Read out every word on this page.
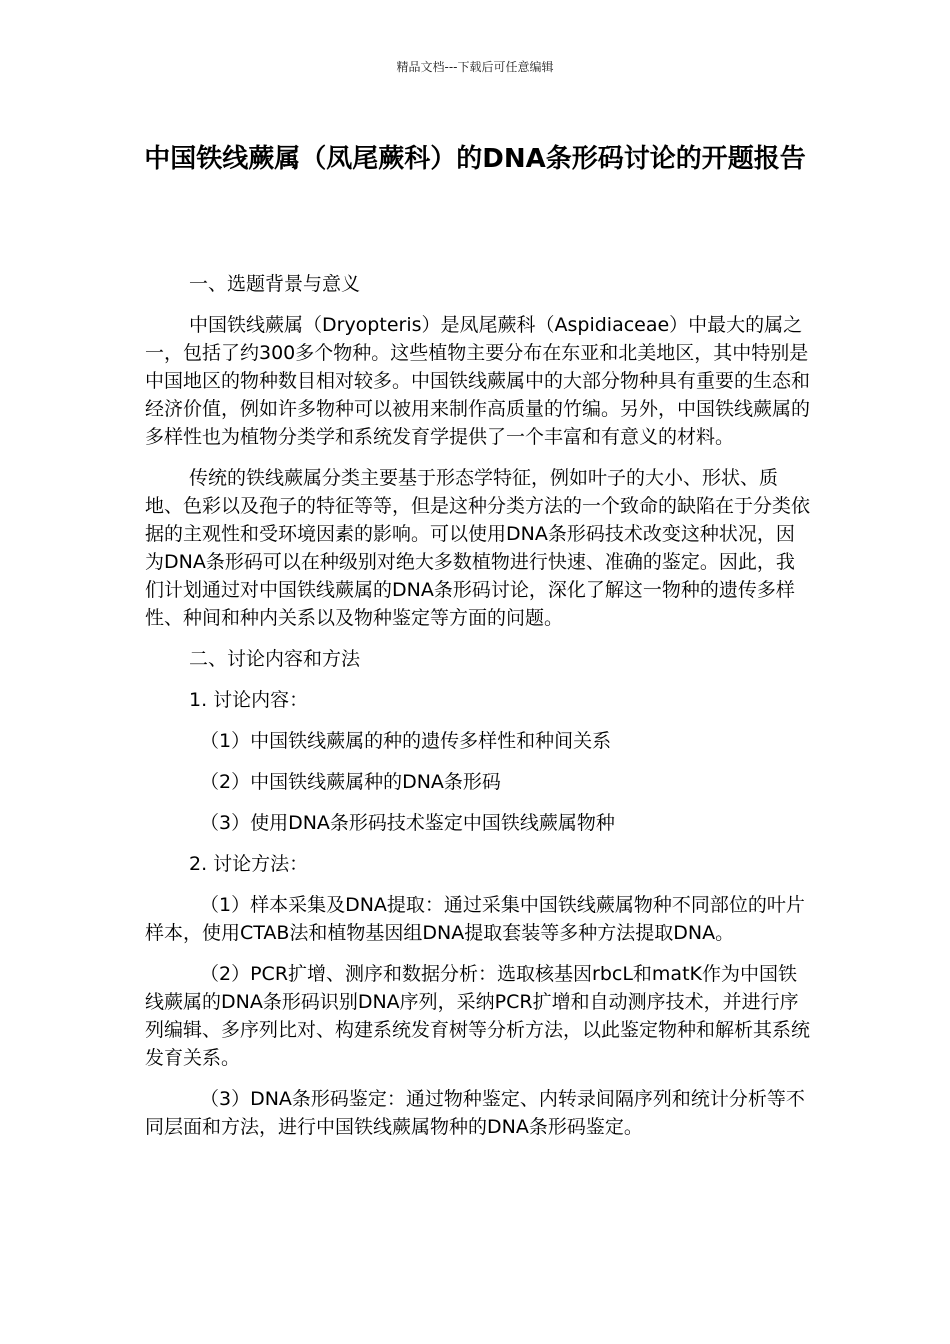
精品文档---下载后可任意编辑
中国铁线蕨属（凤尾蕨科）的DNA条形码讨论的开题报告

一、选题背景与意义

中国铁线蕨属（Dryopteris）是凤尾蕨科（Aspidiaceae）中最大的属之一，包括了约300多个物种。这些植物主要分布在东亚和北美地区，其中特别是中国地区的物种数目相对较多。中国铁线蕨属中的大部分物种具有重要的生态和经济价值，例如许多物种可以被用来制作高质量的竹编。另外，中国铁线蕨属的多样性也为植物分类学和系统发育学提供了一个丰富和有意义的材料。

传统的铁线蕨属分类主要基于形态学特征，例如叶子的大小、形状、质地、色彩以及孢子的特征等等，但是这种分类方法的一个致命的缺陷在于分类依据的主观性和受环境因素的影响。可以使用DNA条形码技术改变这种状况，因为DNA条形码可以在种级别对绝大多数植物进行快速、准确的鉴定。因此，我们计划通过对中国铁线蕨属的DNA条形码讨论，深化了解这一物种的遗传多样性、种间和种内关系以及物种鉴定等方面的问题。

二、讨论内容和方法

1. 讨论内容：

（1）中国铁线蕨属的种的遗传多样性和种间关系

（2）中国铁线蕨属种的DNA条形码

（3）使用DNA条形码技术鉴定中国铁线蕨属物种

2. 讨论方法：

（1）样本采集及DNA提取：通过采集中国铁线蕨属物种不同部位的叶片样本，使用CTAB法和植物基因组DNA提取套装等多种方法提取DNA。

（2）PCR扩增、测序和数据分析：选取核基因rbcL和matK作为中国铁线蕨属的DNA条形码识别DNA序列，采纳PCR扩增和自动测序技术，并进行序列编辑、多序列比对、构建系统发育树等分析方法，以此鉴定物种和解析其系统发育关系。

（3）DNA条形码鉴定：通过物种鉴定、内转录间隔序列和统计分析等不同层面和方法，进行中国铁线蕨属物种的DNA条形码鉴定。
